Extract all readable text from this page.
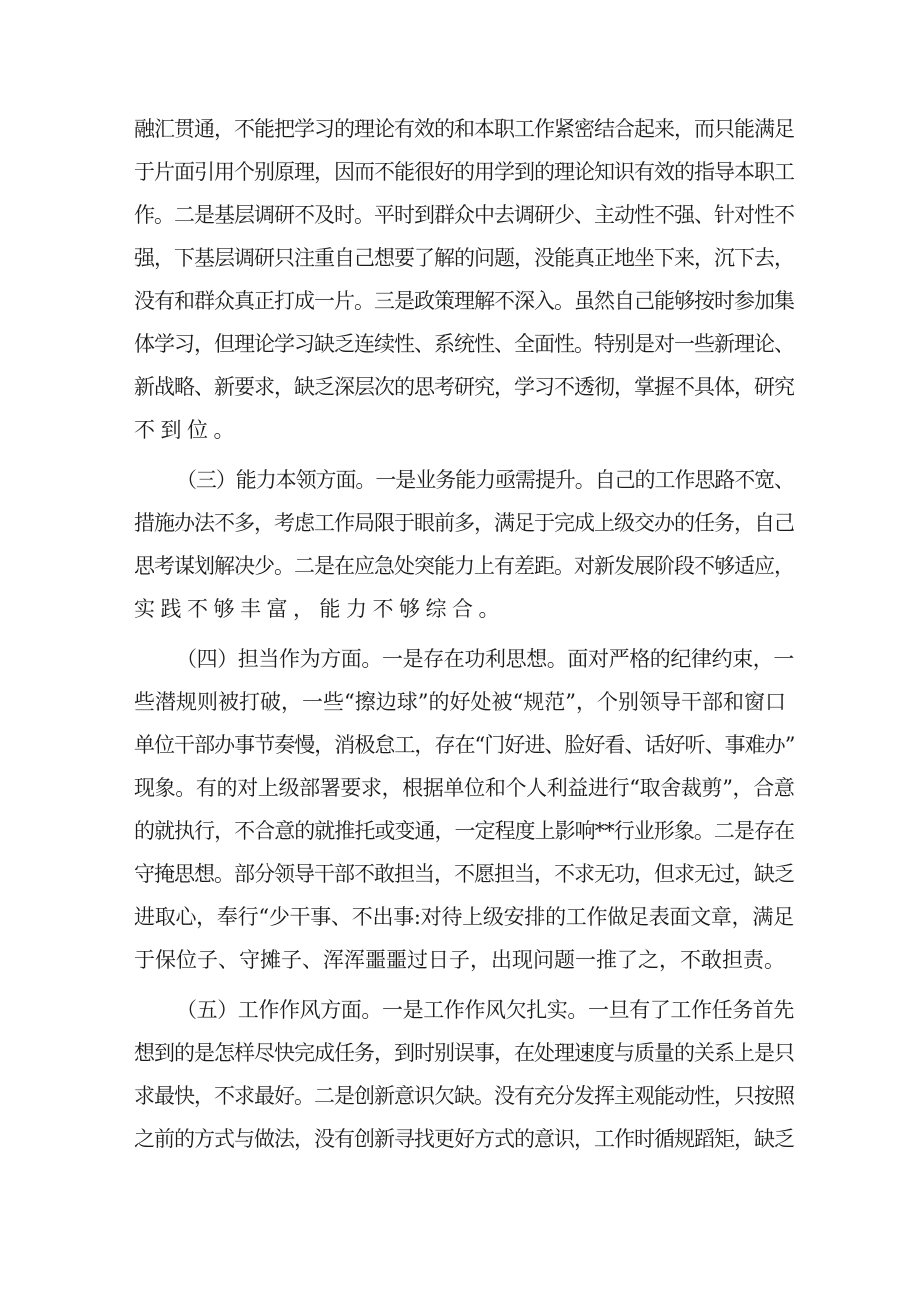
融汇贯通，不能把学习的理论有效的和本职工作紧密结合起来，而只能满足
于片面引用个别原理，因而不能很好的用学到的理论知识有效的指导本职工
作。二是基层调研不及时。平时到群众中去调研少、主动性不强、针对性不
强，下基层调研只注重自己想要了解的问题，没能真正地坐下来，沉下去，
没有和群众真正打成一片。三是政策理解不深入。虽然自己能够按时参加集
体学习，但理论学习缺乏连续性、系统性、全面性。特别是对一些新理论、
新战略、新要求，缺乏深层次的思考研究，学习不透彻，掌握不具体，研究
不到位。
（三）能力本领方面。一是业务能力亟需提升。自己的工作思路不宽、
措施办法不多，考虑工作局限于眼前多，满足于完成上级交办的任务，自己
思考谋划解决少。二是在应急处突能力上有差距。对新发展阶段不够适应，
实践不够丰富，能力不够综合。
（四）担当作为方面。一是存在功利思想。面对严格的纪律约束，一
些潜规则被打破，一些“擦边球”的好处被“规范”，个别领导干部和窗口
单位干部办事节奏慢，消极怠工，存在“门好进、脸好看、话好听、事难办”
现象。有的对上级部署要求，根据单位和个人利益进行“取舍裁剪”，合意
的就执行，不合意的就推托或变通，一定程度上影响**行业形象。二是存在
守掩思想。部分领导干部不敢担当，不愿担当，不求无功，但求无过，缺乏
进取心，奉行“少干事、不出事:对待上级安排的工作做足表面文章，满足
于保位子、守摊子、浑浑噩噩过日子，出现问题一推了之，不敢担责。
（五）工作作风方面。一是工作作风欠扎实。一旦有了工作任务首先
想到的是怎样尽快完成任务，到时别误事，在处理速度与质量的关系上是只
求最快，不求最好。二是创新意识欠缺。没有充分发挥主观能动性，只按照
之前的方式与做法，没有创新寻找更好方式的意识，工作时循规蹈矩，缺乏
